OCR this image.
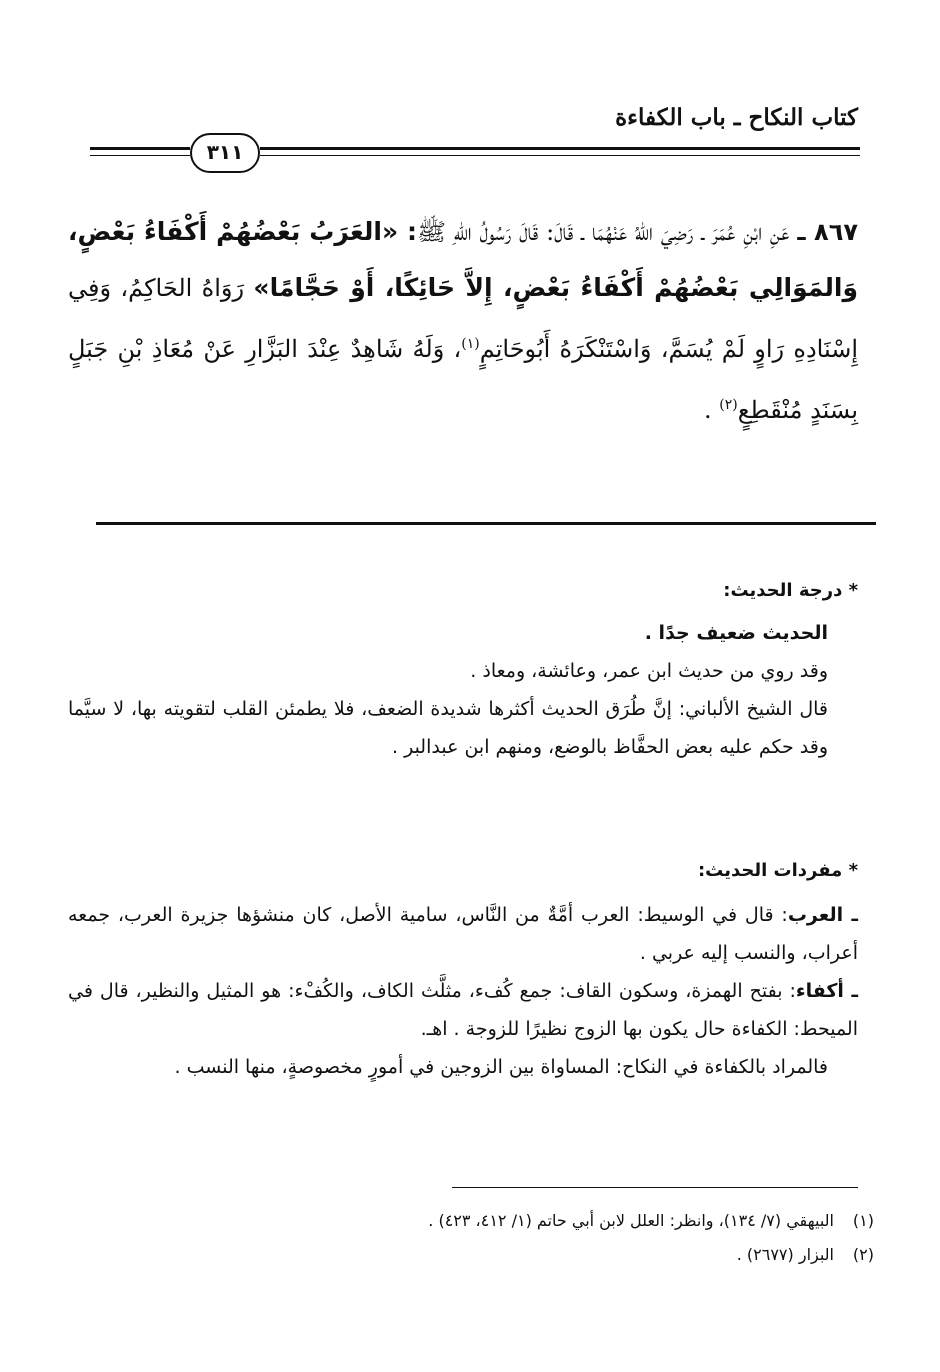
كتاب النكاح ـ باب الكفاءة
٣١١
٨٦٧ ـ عَنِ ابْنِ عُمَرَ ـ رَضِيَ اللهُ عَنْهُمَا ـ قَالَ: قَالَ رَسُولُ اللهِ ﷺ: «العَرَبُ بَعْضُهُمْ أَكْفَاءُ بَعْضٍ، وَالمَوَالِي بَعْضُهُمْ أَكْفَاءُ بَعْضٍ، إِلاَّ حَائِكًا، أَوْ حَجَّامًا» رَوَاهُ الحَاكِمُ، وَفِي إِسْنَادِهِ رَاوٍ لَمْ يُسَمَّ، وَاسْتَنْكَرَهُ أَبُوحَاتِمٍ$^{(١)}$، وَلَهُ شَاهِدٌ عِنْدَ البَزَّارِ عَنْ مُعَاذِ بْنِ جَبَلٍ بِسَنَدٍ مُنْقَطِعٍ$^{(٢)}$ .
* درجة الحديث:
الحديث ضعيف جدًا .
وقد روي من حديث ابن عمر، وعائشة، ومعاذ .
قال الشيخ الألباني: إنَّ طُرَق الحديث أكثرها شديدة الضعف، فلا يطمئن القلب لتقويته بها، لا سيَّما وقد حكم عليه بعض الحفَّاظ بالوضع، ومنهم ابن عبدالبر .
* مفردات الحديث:
ـ العرب: قال في الوسيط: العرب أمَّةٌ من النَّاس، سامية الأصل، كان منشؤها جزيرة العرب، جمعه أعراب، والنسب إليه عربي .
ـ أكفاء: بفتح الهمزة، وسكون القاف: جمع كُفء، مثلَّث الكاف، والكُفْء: هو المثيل والنظير، قال في الميحط: الكفاءة حال يكون بها الزوج نظيرًا للزوجة . اهـ.
فالمراد بالكفاءة في النكاح: المساواة بين الزوجين في أمورٍ مخصوصةٍ، منها النسب .
(١)البيهقي (٧/ ١٣٤)، وانظر: العلل لابن أبي حاتم (١/ ٤١٢، ٤٢٣) .
(٢)البزار (٢٦٧٧) .
